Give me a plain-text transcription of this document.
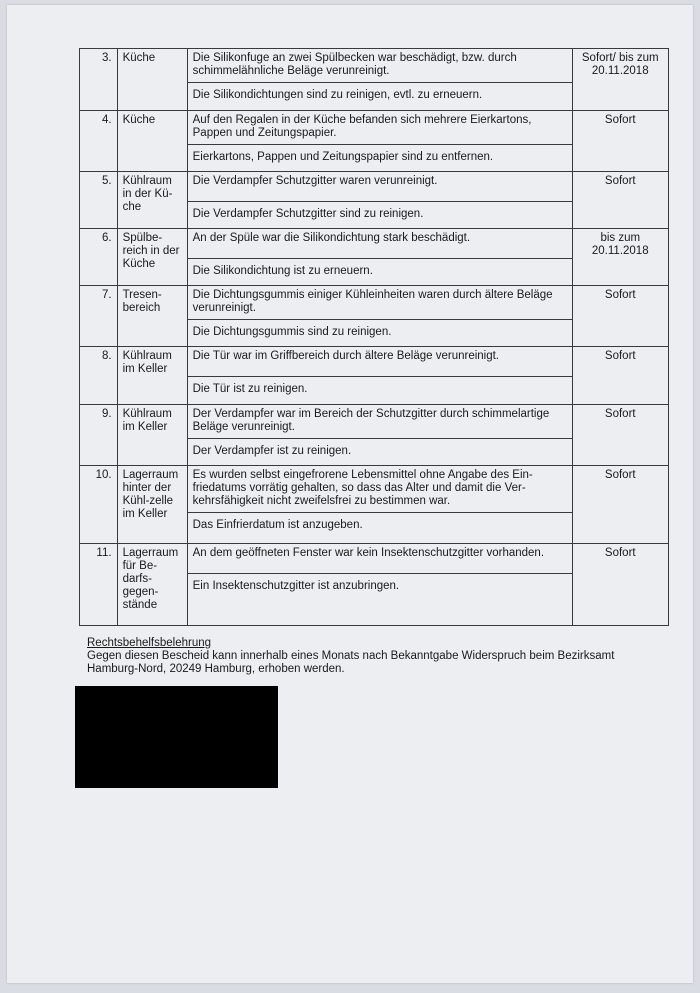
3.	Küche	Die Silikonfuge an zwei Spülbecken war beschädigt, bzw. durch schimmelähnliche Beläge verunreinigt.
Die Silikondichtungen sind zu reinigen, evtl. zu erneuern.	Sofort/ bis zum 20.11.2018
4.	Küche	Auf den Regalen in der Küche befanden sich mehrere Eierkartons, Pappen und Zeitungspapier.
Eierkartons, Pappen und Zeitungspapier sind zu entfernen.	Sofort
5.	Kühlraum in der Kü-che	Die Verdampfer Schutzgitter waren verunreinigt.
Die Verdampfer Schutzgitter sind zu reinigen.	Sofort
6.	Spülbe-reich in der Küche	An der Spüle war die Silikondichtung stark beschädigt.
Die Silikondichtung ist zu erneuern.	bis zum 20.11.2018
7.	Tresen-bereich	Die Dichtungsgummis einiger Kühleinheiten waren durch ältere Beläge verunreinigt.
Die Dichtungsgummis sind zu reinigen.	Sofort
8.	Kühlraum im Keller	Die Tür war im Griffbereich durch ältere Beläge verunreinigt.
Die Tür ist zu reinigen.	Sofort
9.	Kühlraum im Keller	Der Verdampfer war im Bereich der Schutzgitter durch schimmelartige Beläge verunreinigt.
Der Verdampfer ist zu reinigen.	Sofort
10.	Lagerraum hinter der Kühl-zelle im Keller	Es wurden selbst eingefrorene Lebensmittel ohne Angabe des Ein-friedatums vorrätig gehalten, so dass das Alter und damit die Ver-kehrsfähigkeit nicht zweifelsfrei zu bestimmen war.
Das Einfrierdatum ist anzugeben.	Sofort
11.	Lagerraum für Be-darfs-gegen-stände	An dem geöffneten Fenster war kein Insektenschutzgitter vorhanden.
Ein Insektenschutzgitter ist anzubringen.	Sofort
Rechtsbehelfsbelehrung
Gegen diesen Bescheid kann innerhalb eines Monats nach Bekanntgabe Widerspruch beim Bezirksamt Hamburg-Nord, 20249 Hamburg, erhoben werden.
